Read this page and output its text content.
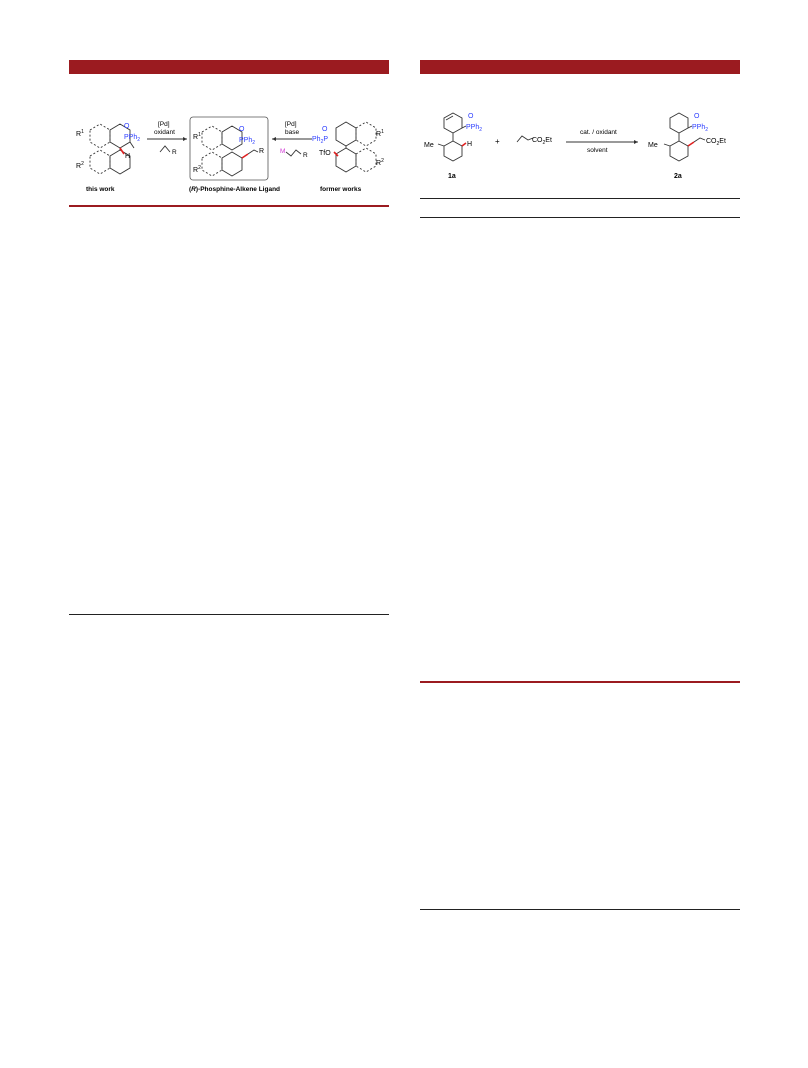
$R^1$
$R^2$
O
PPh$_2$
H
this work
[Pd]
oxidant
R
$R^1$
$R^2$
O
PPh$_2$
R
(R)-Phosphine-Alkene Ligand
[Pd]
base
M
R
O
$Ph_2P$
TfO
$R^1$
$R^2$
former works
O
PPh$_2$
Me	H
1a
+	$CO_2Et$
cat. / oxidant
solvent
O
PPh$_2$
Me
$CO_2Et$
2a
